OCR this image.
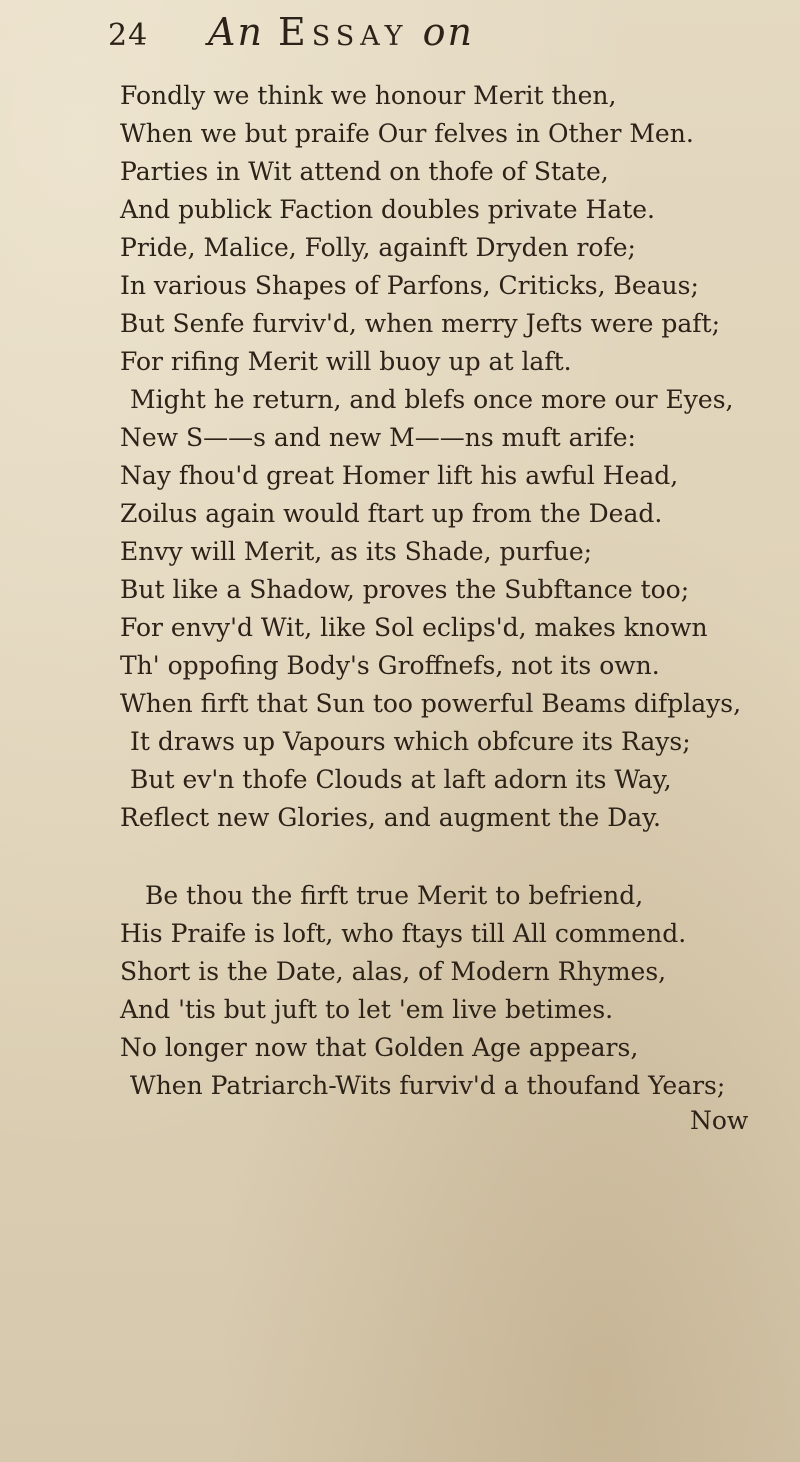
24	An Essay on
Fondly we think we honour Merit then,
When we but praife Our felves in Other Men.
Parties in Wit attend on thofe of State,
And publick Faction doubles private Hate.
Pride, Malice, Folly, againft Dryden rofe;
In various Shapes of Parfons, Criticks, Beaus;
But Senfe furviv'd, when merry Jefts were paft;
For rifing Merit will buoy up at laft.
Might he return, and blefs once more our Eyes,
New S——s and new M——ns muft arife:
Nay fhou'd great Homer lift his awful Head,
Zoilus again would ftart up from the Dead.
Envy will Merit, as its Shade, purfue;
But like a Shadow, proves the Subftance too;
For envy'd Wit, like Sol eclips'd, makes known
Th' oppofing Body's Groffnefs, not its own.
When firft that Sun too powerful Beams difplays,
It draws up Vapours which obfcure its Rays;
But ev'n thofe Clouds at laft adorn its Way,
Reflect new Glories, and augment the Day.
Be thou the firft true Merit to befriend,
His Praife is loft, who ftays till All commend.
Short is the Date, alas, of Modern Rhymes,
And 'tis but juft to let 'em live betimes.
No longer now that Golden Age appears,
When Patriarch-Wits furviv'd a thoufand Years;
Now
